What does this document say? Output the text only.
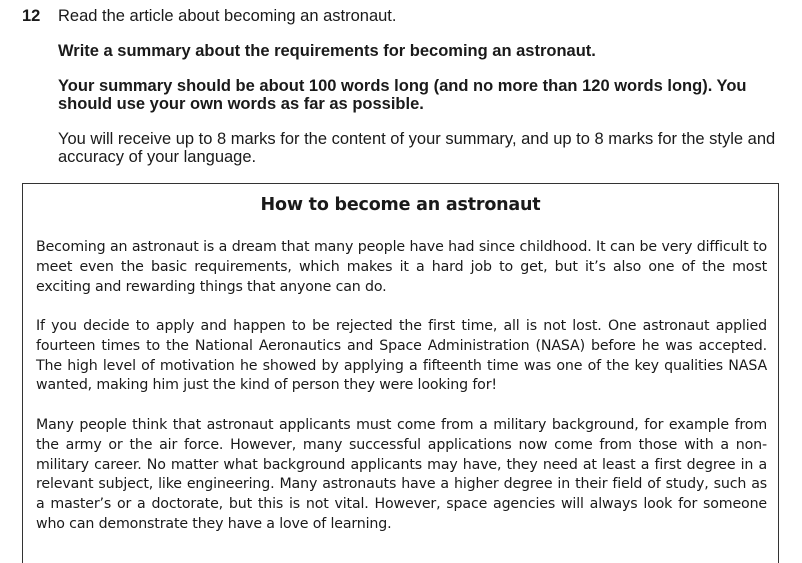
12 Read the article about becoming an astronaut.

Write a summary about the requirements for becoming an astronaut.

Your summary should be about 100 words long (and no more than 120 words long). You should use your own words as far as possible.

You will receive up to 8 marks for the content of your summary, and up to 8 marks for the style and accuracy of your language.

How to become an astronaut

Becoming an astronaut is a dream that many people have had since childhood. It can be very difficult to meet even the basic requirements, which makes it a hard job to get, but it’s also one of the most exciting and rewarding things that anyone can do.

If you decide to apply and happen to be rejected the first time, all is not lost. One astronaut applied fourteen times to the National Aeronautics and Space Administration (NASA) before he was accepted. The high level of motivation he showed by applying a fifteenth time was one of the key qualities NASA wanted, making him just the kind of person they were looking for!

Many people think that astronaut applicants must come from a military background, for example from the army or the air force. However, many successful applications now come from those with a non-military career. No matter what background applicants may have, they need at least a first degree in a relevant subject, like engineering. Many astronauts have a higher degree in their field of study, such as a master’s or a doctorate, but this is not vital. However, space agencies will always look for someone who can demonstrate they have a love of learning.
